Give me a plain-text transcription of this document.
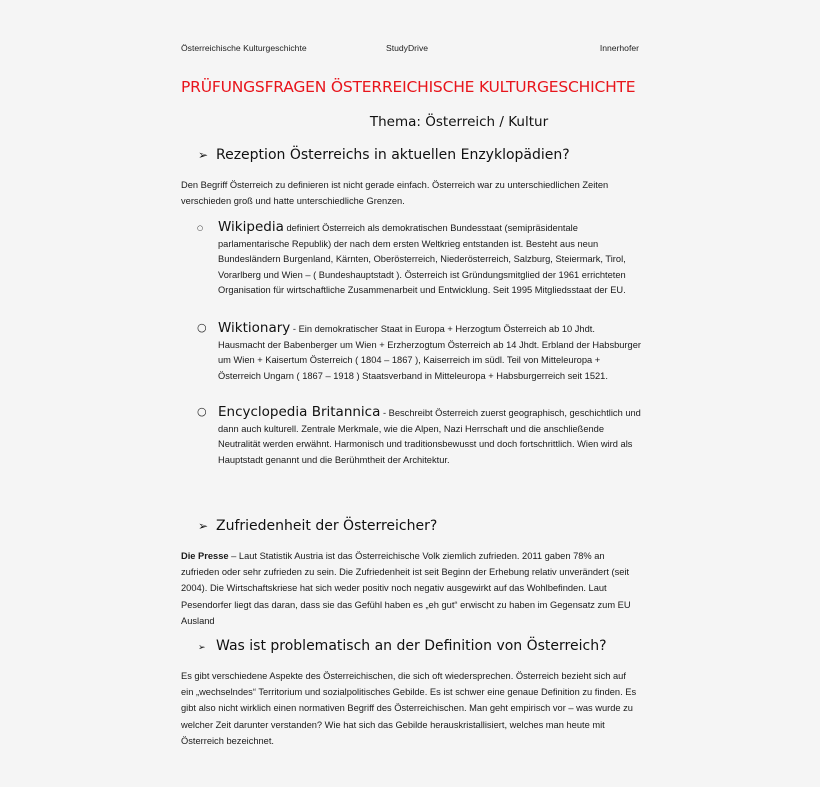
Österreichische Kulturgeschichte	StudyDrive	Innerhofer
PRÜFUNGSFRAGEN ÖSTERREICHISCHE KULTURGESCHICHTE
Thema: Österreich / Kultur
➢ Rezeption Österreichs in aktuellen Enzyklopädien?
Den Begriff Österreich zu definieren ist nicht gerade einfach. Österreich war zu unterschiedlichen Zeiten verschieden groß und hatte unterschiedliche Grenzen.
○ Wikipedia definiert Österreich als demokratischen Bundesstaat (semipräsidentale parlamentarische Republik) der nach dem ersten Weltkrieg entstanden ist. Besteht aus neun Bundesländern Burgenland, Kärnten, Oberösterreich, Niederösterreich, Salzburg, Steiermark, Tirol, Vorarlberg und Wien – ( Bundeshauptstadt ). Österreich ist Gründungsmitglied der 1961 errichteten Organisation für wirtschaftliche Zusammenarbeit und Entwicklung. Seit 1995 Mitgliedsstaat der EU.
○ Wiktionary - Ein demokratischer Staat in Europa + Herzogtum Österreich ab 10 Jhdt. Hausmacht der Babenberger um Wien + Erzherzogtum Österreich ab 14 Jhdt. Erbland der Habsburger um Wien + Kaisertum Österreich ( 1804 – 1867 ), Kaiserreich im südl. Teil von Mitteleuropa + Österreich Ungarn ( 1867 – 1918 ) Staatsverband in Mitteleuropa + Habsburgerreich seit 1521.
○ Encyclopedia Britannica - Beschreibt Österreich zuerst geographisch, geschichtlich und dann auch kulturell. Zentrale Merkmale, wie die Alpen, Nazi Herrschaft und die anschließende Neutralität werden erwähnt. Harmonisch und traditionsbewusst und doch fortschrittlich. Wien wird als Hauptstadt genannt und die Berühmtheit der Architektur.
➢ Zufriedenheit der Österreicher?
Die Presse – Laut Statistik Austria ist das Österreichische Volk ziemlich zufrieden. 2011 gaben 78% an zufrieden oder sehr zufrieden zu sein. Die Zufriedenheit ist seit Beginn der Erhebung relativ unverändert (seit 2004). Die Wirtschaftskriese hat sich weder positiv noch negativ ausgewirkt auf das Wohlbefinden. Laut Pesendorfer liegt das daran, dass sie das Gefühl haben es „eh gut“ erwischt zu haben im Gegensatz zum EU Ausland
➢ Was ist problematisch an der Definition von Österreich?
Es gibt verschiedene Aspekte des Österreichischen, die sich oft wiedersprechen. Österreich bezieht sich auf ein „wechselndes“ Territorium und sozialpolitisches Gebilde. Es ist schwer eine genaue Definition zu finden. Es gibt also nicht wirklich einen normativen Begriff des Österreichischen. Man geht empirisch vor – was wurde zu welcher Zeit darunter verstanden? Wie hat sich das Gebilde herauskristallisiert, welches man heute mit Österreich bezeichnet.
